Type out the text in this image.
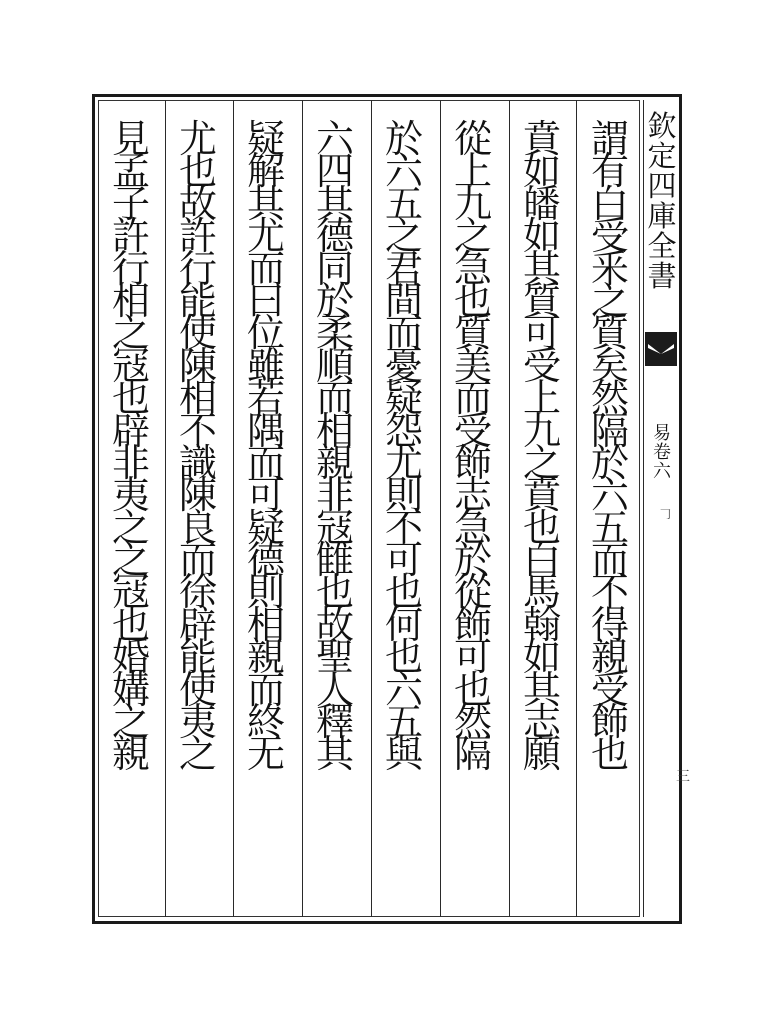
欽
定
四
庫
全
書
易
卷
六
𠃌
三
謂
有
白
受
釆
之
質
矣
然
隔
於
六
五
而
不
得
親
受
飾
也
賁
如
皤
如
其
質
可
受
上
九
之
賁
也
白
馬
翰
如
其
志
願
從
上
九
之
急
也
質
美
而
受
飾
志
急
於
從
飾
可
也
然
隔
於
六
五
之
君
間
而
憂
疑
怨
尤
則
不
可
也
何
也
六
五
與
六
四
其
德
同
於
柔
順
而
相
親
非
冦
雔
也
故
聖
人
釋
其
疑
解
其
尤
而
曰
位
雖
若
隅
而
可
疑
德
則
相
親
而
終
无
尤
也
故
許
行
能
使
陳
相
不
識
陳
良
而
徐
辟
能
使
夷
之
見
孟
子
許
行
相
之
冦
也
辟
非
夷
之
之
冦
也
婚
媾
之
親
